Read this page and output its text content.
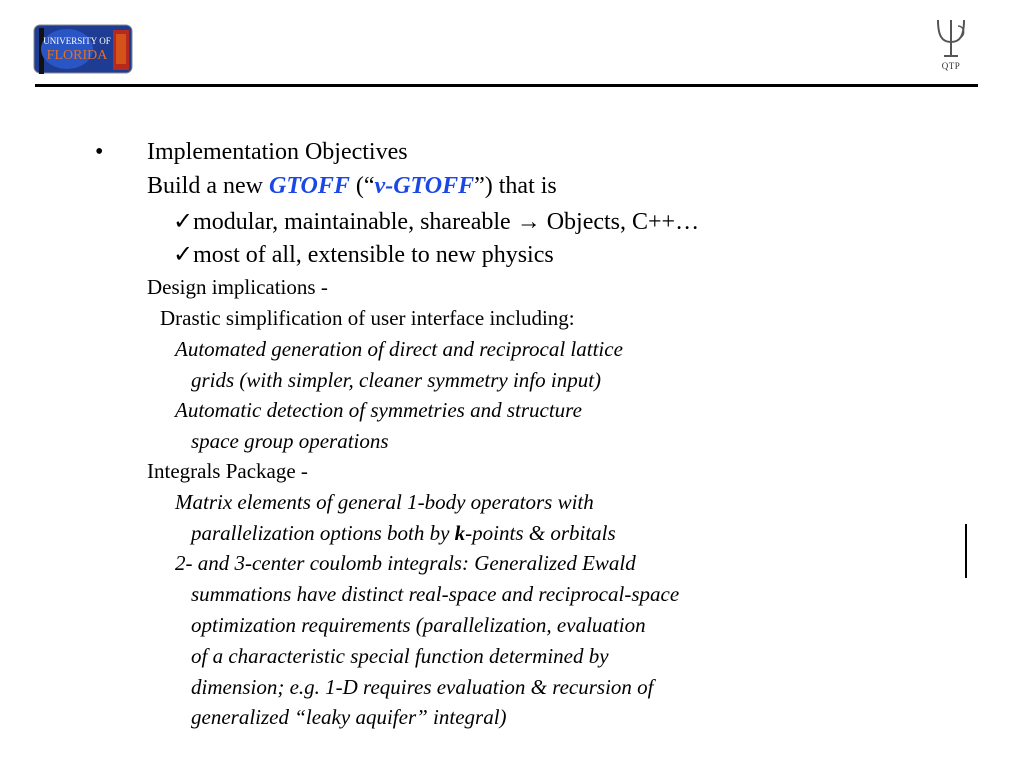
UNIVERSITY OF
FLORIDA
QTP
• Implementation Objectives
Build a new GTOFF (“v-GTOFF”) that is
✓modular, maintainable, shareable → Objects, C++…
✓most of all, extensible to new physics
Design implications -
Drastic simplification of user interface including:
Automated generation of direct and reciprocal lattice
grids (with simpler, cleaner symmetry info input)
Automatic detection of symmetries and structure
space group operations
Integrals Package -
Matrix elements of general 1-body operators with
parallelization options both by k-points & orbitals
2- and 3-center coulomb integrals: Generalized Ewald
summations have distinct real-space and reciprocal-space
optimization requirements (parallelization, evaluation
of a characteristic special function determined by
dimension; e.g. 1-D requires evaluation & recursion of
generalized “leaky aquifer” integral)
